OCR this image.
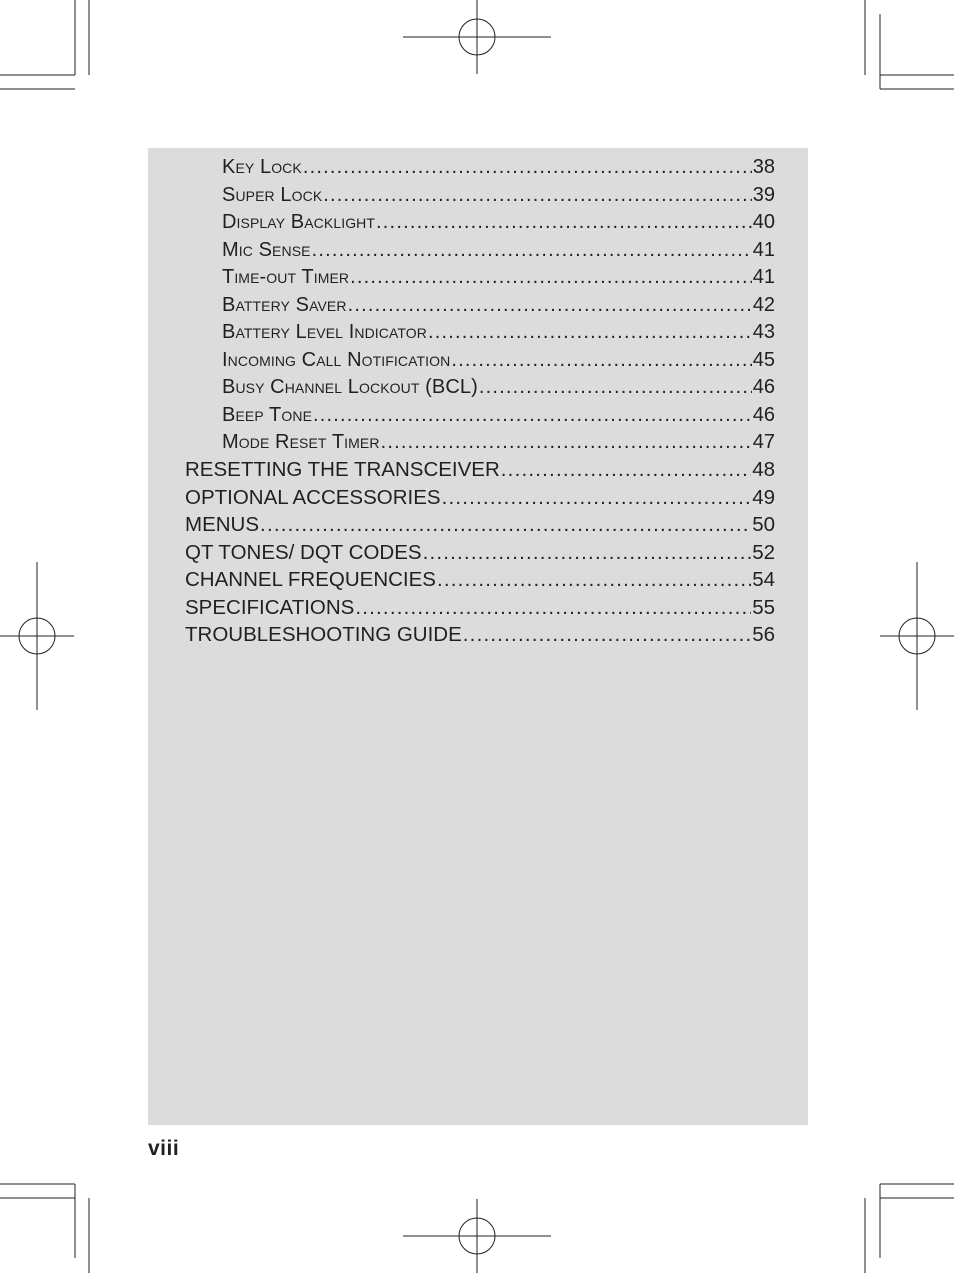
Key Lock .....	38
Super Lock .....	39
Display Backlight .....	40
Mic Sense .....	41
Time-out Timer .....	41
Battery Saver .....	42
Battery Level Indicator .....	43
Incoming Call Notification .....	45
Busy Channel Lockout (BCL) .....	46
Beep Tone .....	46
Mode Reset Timer .....	47
RESETTING THE TRANSCEIVER .....	48
OPTIONAL ACCESSORIES .....	49
MENUS .....	50
QT TONES/ DQT CODES .....	52
CHANNEL FREQUENCIES .....	54
SPECIFICATIONS .....	55
TROUBLESHOOTING GUIDE .....	56
viii
